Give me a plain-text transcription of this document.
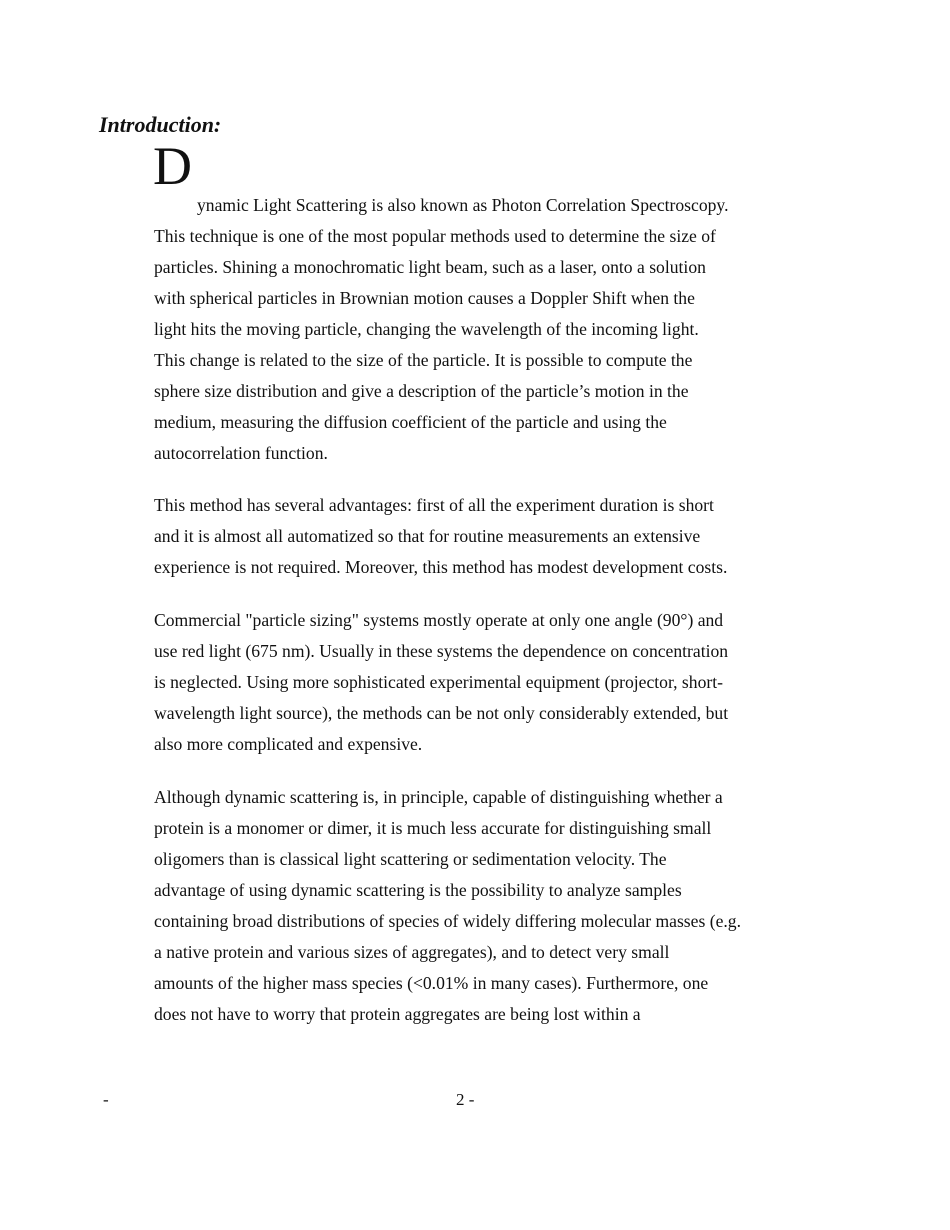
Introduction:
D

ynamic Light Scattering is also known as Photon Correlation Spectroscopy.
This technique is one of the most popular methods used to determine the size of
particles. Shining a monochromatic light beam, such as a laser, onto a solution
with spherical particles in Brownian motion causes a Doppler Shift when the
light hits the moving particle, changing the wavelength of the incoming light.
This change is related to the size of the particle. It is possible to compute the
sphere size distribution and give a description of the particle’s motion in the
medium, measuring the diffusion coefficient of the particle and using the
autocorrelation function.

This method has several advantages: first of all the experiment duration is short
and it is almost all automatized so that for routine measurements an extensive
experience is not required. Moreover, this method has modest development costs.

Commercial "particle sizing" systems mostly operate at only one angle (90°) and
use red light (675 nm). Usually in these systems the dependence on concentration
is neglected. Using more sophisticated experimental equipment (projector, short-
wavelength light source), the methods can be not only considerably extended, but
also more complicated and expensive.

Although dynamic scattering is, in principle, capable of distinguishing whether a
protein is a monomer or dimer, it is much less accurate for distinguishing small
oligomers than is classical light scattering or sedimentation velocity. The
advantage of using dynamic scattering is the possibility to analyze samples
containing broad distributions of species of widely differing molecular masses (e.g.
a native protein and various sizes of aggregates), and to detect very small
amounts of the higher mass species (<0.01% in many cases). Furthermore, one
does not have to worry that protein aggregates are being lost within a

-	2 -
